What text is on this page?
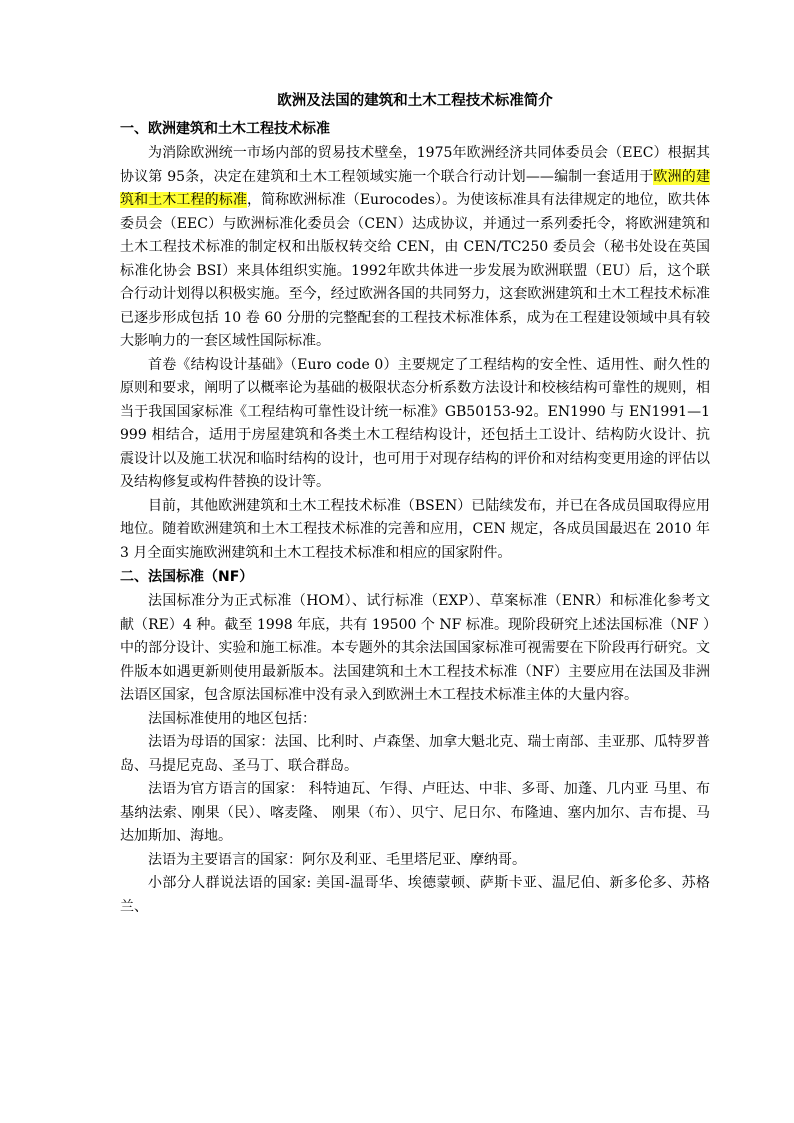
欧洲及法国的建筑和土木工程技术标准简介
一、欧洲建筑和土木工程技术标准

为消除欧洲统一市场内部的贸易技术壁垒，1975年欧洲经济共同体委员会（EEC）根据其协议第 95条，决定在建筑和土木工程领域实施一个联合行动计划——编制一套适用于欧洲的建筑和土木工程的标准，简称欧洲标准（Eurocodes）。为使该标准具有法律规定的地位，欧共体委员会（EEC）与欧洲标准化委员会（CEN）达成协议，并通过一系列委托令，将欧洲建筑和土木工程技术标准的制定权和出版权转交给 CEN，由 CEN/TC250 委员会（秘书处设在英国标准化协会 BSI）来具体组织实施。1992年欧共体进一步发展为欧洲联盟（EU）后，这个联合行动计划得以积极实施。至今，经过欧洲各国的共同努力，这套欧洲建筑和土木工程技术标准已逐步形成包括 10 卷 60 分册的完整配套的工程技术标准体系，成为在工程建设领域中具有较大影响力的一套区域性国际标准。

首卷《结构设计基础》（Euro code 0）主要规定了工程结构的安全性、适用性、耐久性的原则和要求，阐明了以概率论为基础的极限状态分析系数方法设计和校核结构可靠性的规则，相当于我国国家标准《工程结构可靠性设计统一标准》GB50153-92。EN1990 与 EN1991—1999 相结合，适用于房屋建筑和各类土木工程结构设计，还包括土工设计、结构防火设计、抗震设计以及施工状况和临时结构的设计，也可用于对现存结构的评价和对结构变更用途的评估以及结构修复或构件替换的设计等。

目前，其他欧洲建筑和土木工程技术标准（BSEN）已陆续发布，并已在各成员国取得应用地位。随着欧洲建筑和土木工程技术标准的完善和应用，CEN 规定，各成员国最迟在 2010 年 3 月全面实施欧洲建筑和土木工程技术标准和相应的国家附件。

二、法国标准（NF）

法国标准分为正式标准（HOM）、试行标准（EXP）、草案标准（ENR）和标准化参考文献（RE）4 种。截至 1998 年底，共有 19500 个 NF 标准。现阶段研究上述法国标准（NF ）中的部分设计、实验和施工标准。本专题外的其余法国国家标准可视需要在下阶段再行研究。文件版本如遇更新则使用最新版本。法国建筑和土木工程技术标准（NF）主要应用在法国及非洲法语区国家，包含原法国标准中没有录入到欧洲土木工程技术标准主体的大量内容。

法国标准使用的地区包括：

法语为母语的国家：法国、比利时、卢森堡、加拿大魁北克、瑞士南部、圭亚那、瓜特罗普岛、马提尼克岛、圣马丁、联合群岛。

法语为官方语言的国家： 科特迪瓦、乍得、卢旺达、中非、多哥、加蓬、几内亚 马里、布基纳法索、刚果（民）、喀麦隆、 刚果（布）、贝宁、尼日尔、布隆迪、塞内加尔、吉布提、马达加斯加、海地。

法语为主要语言的国家：阿尔及利亚、毛里塔尼亚、摩纳哥。

小部分人群说法语的国家: 美国-温哥华、埃德蒙顿、萨斯卡亚、温尼伯、新多伦多、苏格兰、
